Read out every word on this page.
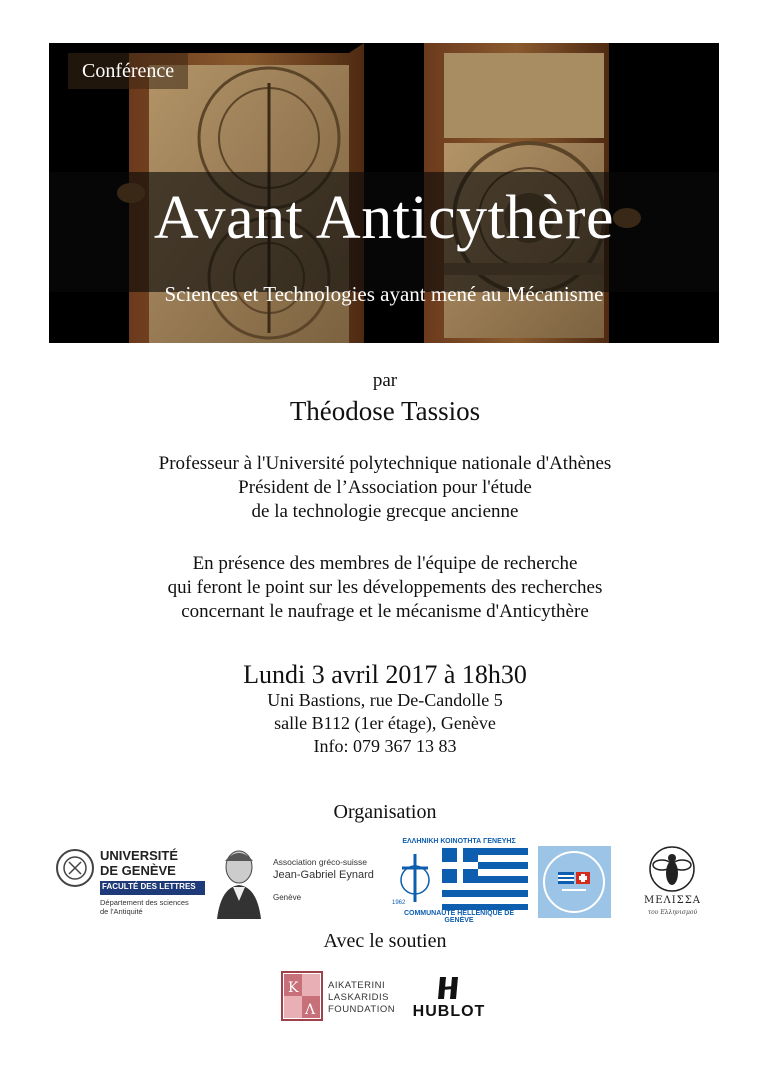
Conférence
Avant Anticythère
Sciences et Technologies ayant mené au Mécanisme
par
Théodose Tassios
Professeur à l'Université polytechnique nationale d'Athènes
Président de l’Association pour l'étude
de la technologie grecque ancienne
En présence des membres de l'équipe de recherche
qui feront le point sur les développements des recherches
concernant le naufrage et le mécanisme d'Anticythère
Lundi 3 avril 2017 à 18h30
Uni Bastions, rue De-Candolle 5
salle B112 (1er étage), Genève
Info: 079 367 13 83
Organisation
UNIVERSITÉ
DE GENÈVE
FACULTÉ DES LETTRES
Département des sciences
de l'Antiquité
Association gréco-suisse
Jean-Gabriel Eynard
Genève
ΕΛΛΗΝΙΚΗ ΚΟΙΝΟΤΗΤΑ ΓΕΝΕΥΗΣ
1962
COMMUNAUTÉ HELLÉNIQUE DE GENÈVE
ΜΕΛΙΣΣΑ
του Ελληνισμού
Avec le soutien
K
Λ
AIKATERINI
LASKARIDIS
FOUNDATION	HUBLOT
